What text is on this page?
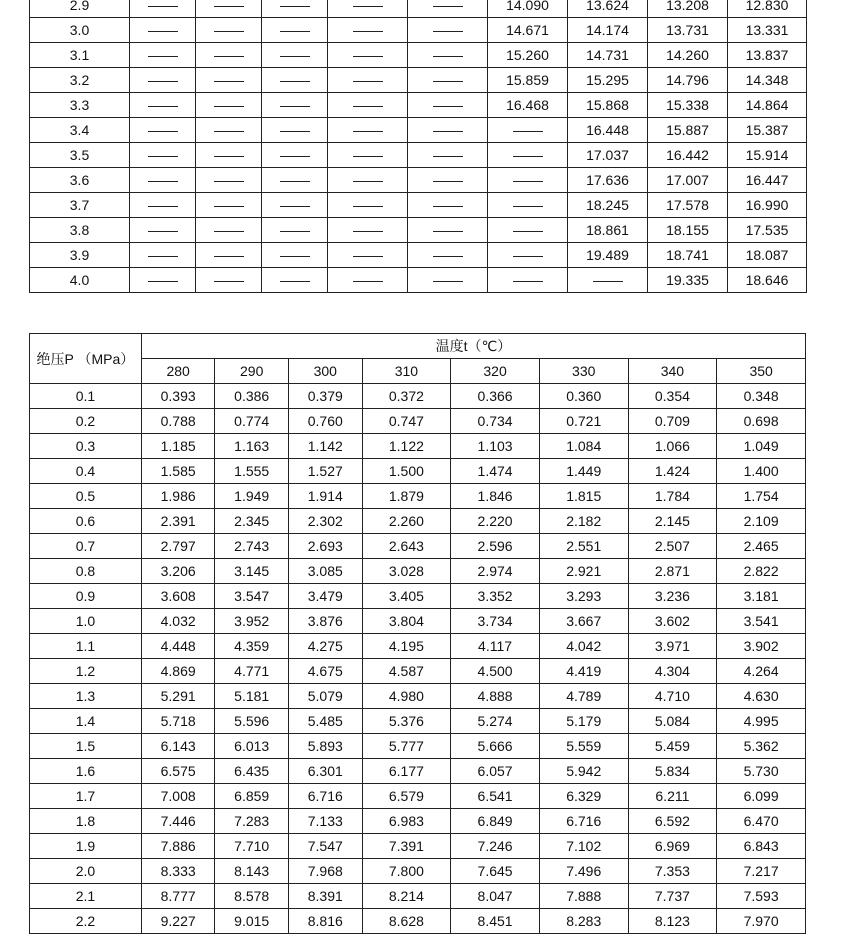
2.9						14.090	13.624	13.208	12.830
3.0						14.671	14.174	13.731	13.331
3.1						15.260	14.731	14.260	13.837
3.2						15.859	15.295	14.796	14.348
3.3						16.468	15.868	15.338	14.864
3.4							16.448	15.887	15.387
3.5							17.037	16.442	15.914
3.6							17.636	17.007	16.447
3.7							18.245	17.578	16.990
3.8							18.861	18.155	17.535
3.9							19.489	18.741	18.087
4.0								19.335	18.646
绝压P （MPa）	温度t（℃）							
	280	290	300	310	320	330	340	350
0.1	0.393	0.386	0.379	0.372	0.366	0.360	0.354	0.348
0.2	0.788	0.774	0.760	0.747	0.734	0.721	0.709	0.698
0.3	1.185	1.163	1.142	1.122	1.103	1.084	1.066	1.049
0.4	1.585	1.555	1.527	1.500	1.474	1.449	1.424	1.400
0.5	1.986	1.949	1.914	1.879	1.846	1.815	1.784	1.754
0.6	2.391	2.345	2.302	2.260	2.220	2.182	2.145	2.109
0.7	2.797	2.743	2.693	2.643	2.596	2.551	2.507	2.465
0.8	3.206	3.145	3.085	3.028	2.974	2.921	2.871	2.822
0.9	3.608	3.547	3.479	3.405	3.352	3.293	3.236	3.181
1.0	4.032	3.952	3.876	3.804	3.734	3.667	3.602	3.541
1.1	4.448	4.359	4.275	4.195	4.117	4.042	3.971	3.902
1.2	4.869	4.771	4.675	4.587	4.500	4.419	4.304	4.264
1.3	5.291	5.181	5.079	4.980	4.888	4.789	4.710	4.630
1.4	5.718	5.596	5.485	5.376	5.274	5.179	5.084	4.995
1.5	6.143	6.013	5.893	5.777	5.666	5.559	5.459	5.362
1.6	6.575	6.435	6.301	6.177	6.057	5.942	5.834	5.730
1.7	7.008	6.859	6.716	6.579	6.541	6.329	6.211	6.099
1.8	7.446	7.283	7.133	6.983	6.849	6.716	6.592	6.470
1.9	7.886	7.710	7.547	7.391	7.246	7.102	6.969	6.843
2.0	8.333	8.143	7.968	7.800	7.645	7.496	7.353	7.217
2.1	8.777	8.578	8.391	8.214	8.047	7.888	7.737	7.593
2.2	9.227	9.015	8.816	8.628	8.451	8.283	8.123	7.970
